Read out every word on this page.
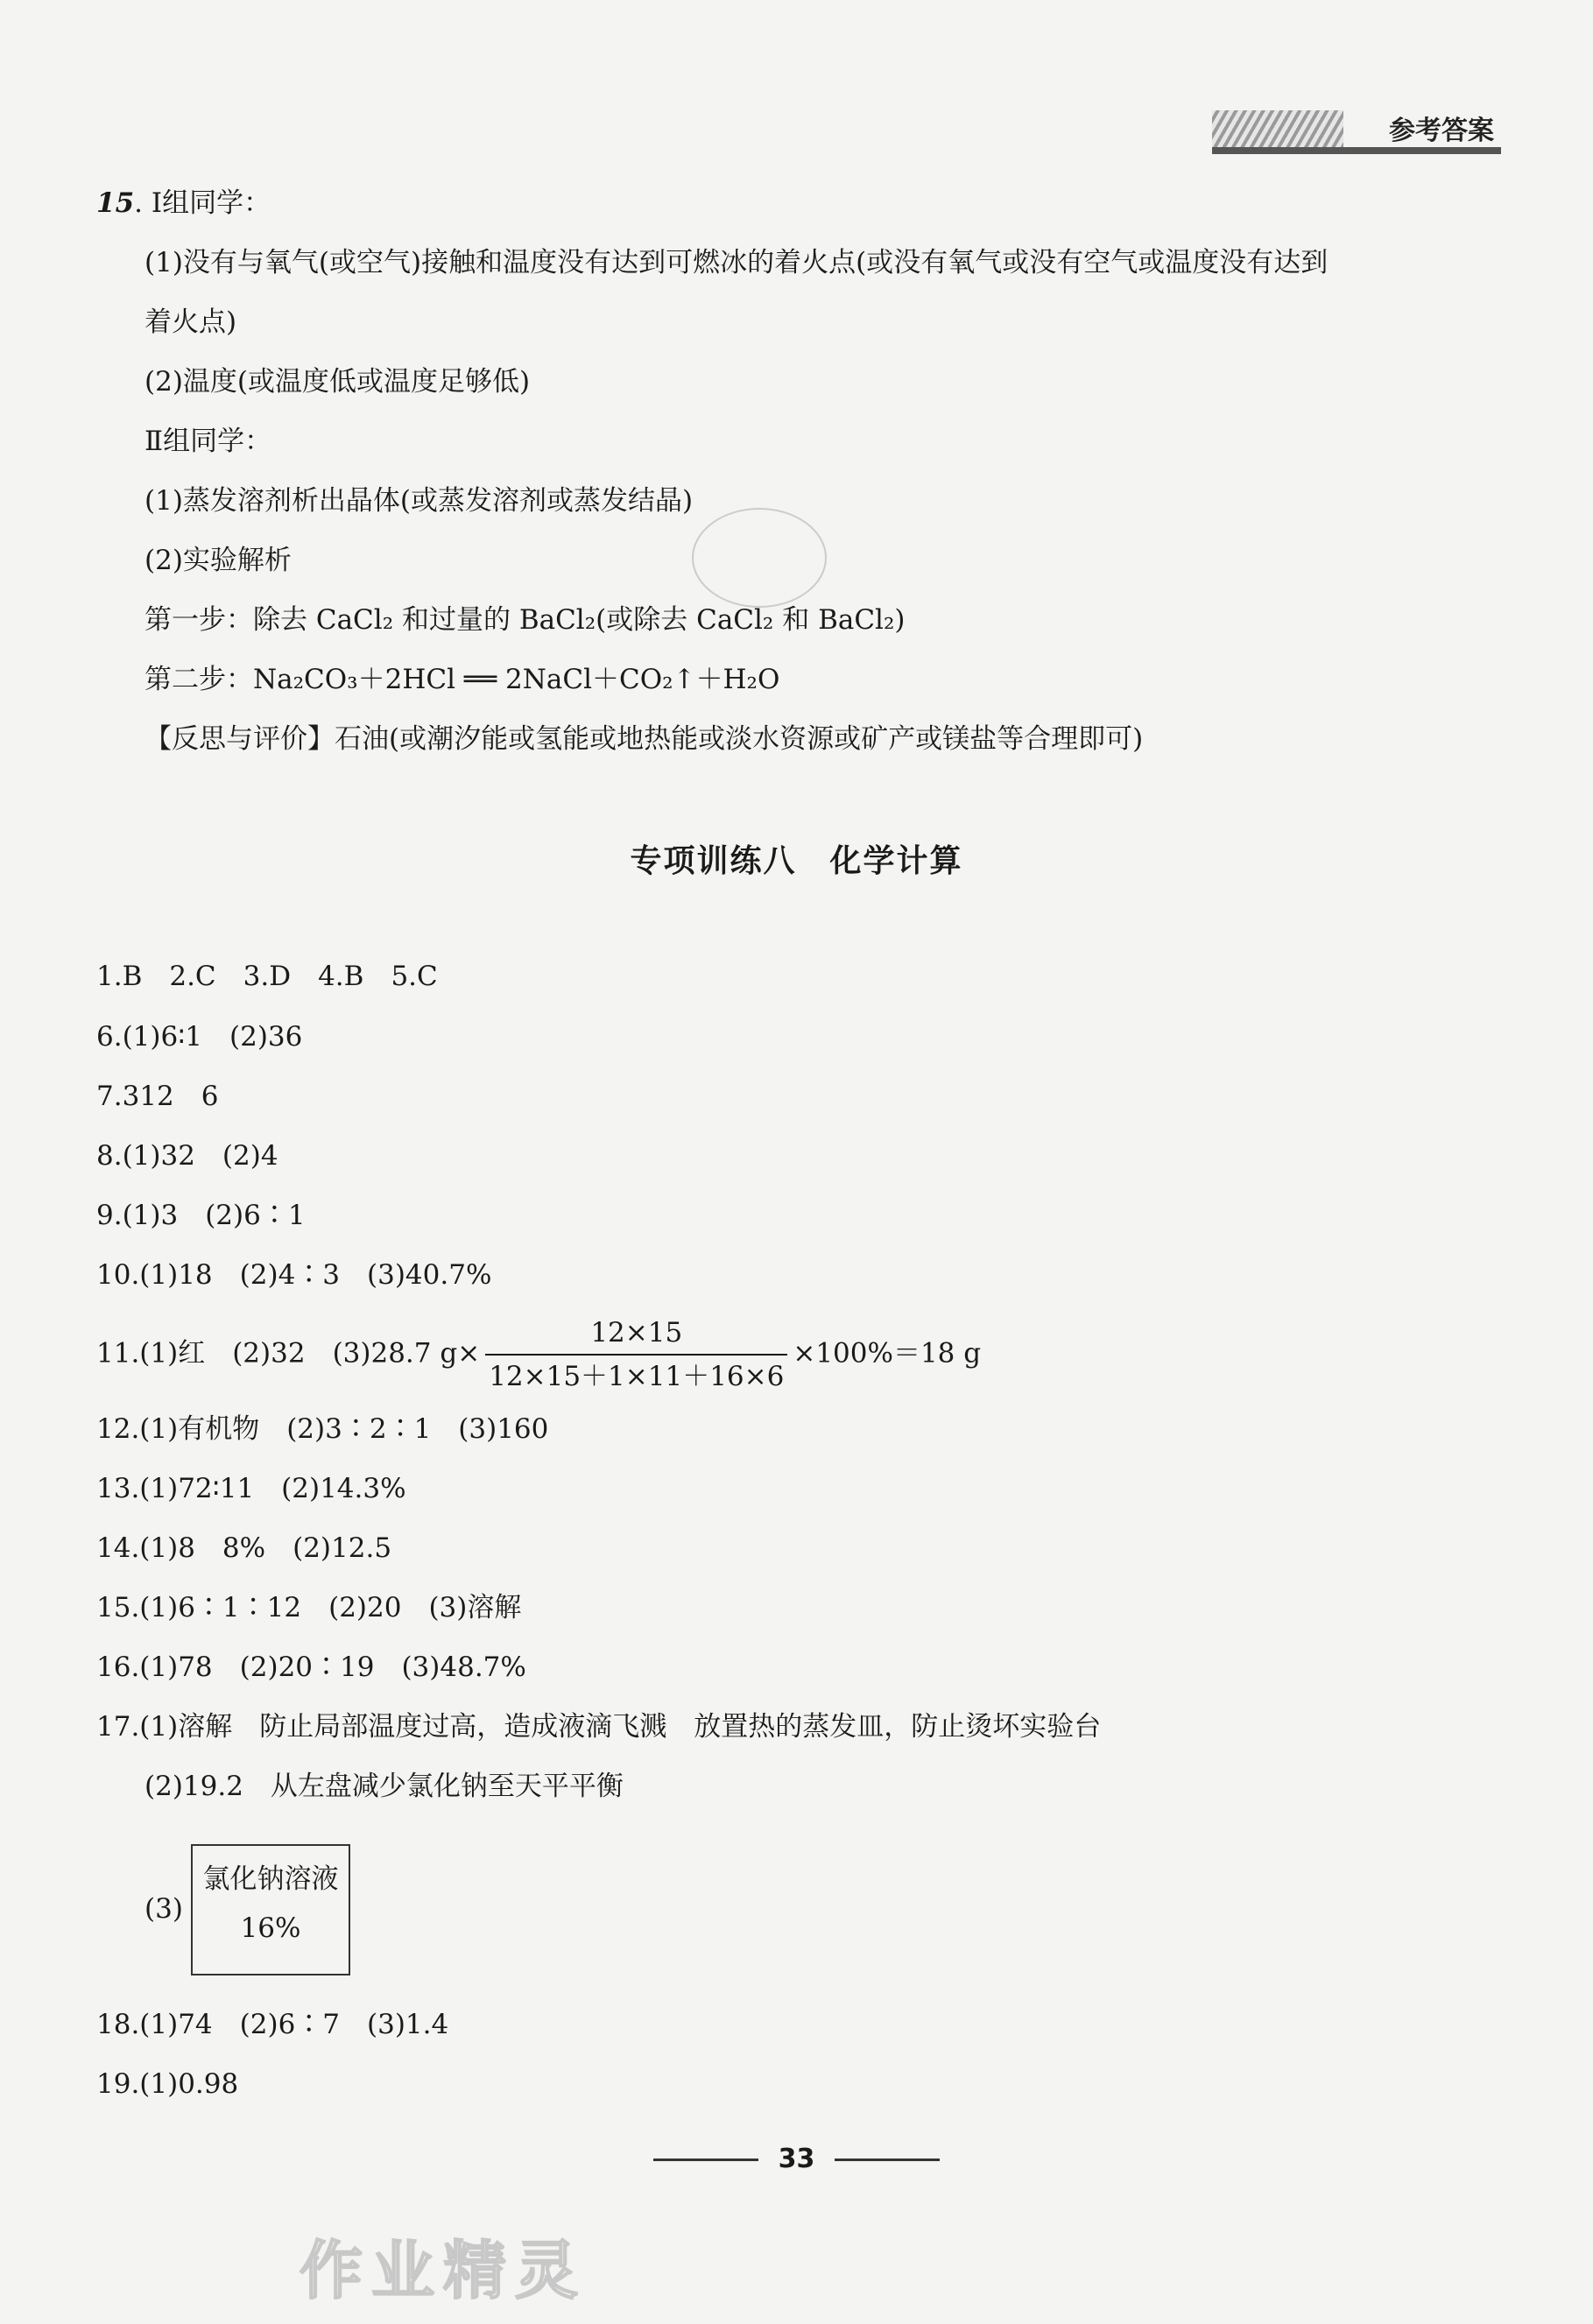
参考答案
15. Ⅰ组同学：
(1)没有与氧气(或空气)接触和温度没有达到可燃冰的着火点(或没有氧气或没有空气或温度没有达到
着火点)
(2)温度(或温度低或温度足够低)
Ⅱ组同学：
(1)蒸发溶剂析出晶体(或蒸发溶剂或蒸发结晶)
(2)实验解析
第一步：除去 CaCl₂ 和过量的 BaCl₂(或除去 CaCl₂ 和 BaCl₂)
第二步：Na₂CO₃＋2HCl ══ 2NaCl＋CO₂↑＋H₂O
【反思与评价】石油(或潮汐能或氢能或地热能或淡水资源或矿产或镁盐等合理即可)
专项训练八　化学计算
1.B　2.C　3.D　4.B　5.C
6.(1)6∶1　(2)36
7.312　6
8.(1)32　(2)4
9.(1)3　(2)6∶1
10.(1)18　(2)4∶3　(3)40.7%
11.(1)红　(2)32　(3)28.7 $g\times \frac{12\times 15}{12\times 15+1\times 11+16\times 6} \times 100\%=18$ g
12.(1)有机物　(2)3∶2∶1　(3)160
13.(1)72∶11　(2)14.3%
14.(1)8　8%　(2)12.5
15.(1)6∶1∶12　(2)20　(3)溶解
16.(1)78　(2)20∶19　(3)48.7%
17.(1)溶解　防止局部温度过高，造成液滴飞溅　放置热的蒸发皿，防止烫坏实验台
(2)19.2　从左盘减少氯化钠至天平平衡
(3)
氯化钠溶液
16%
18.(1)74　(2)6∶7　(3)1.4
19.(1)0.98
33
作业精灵
